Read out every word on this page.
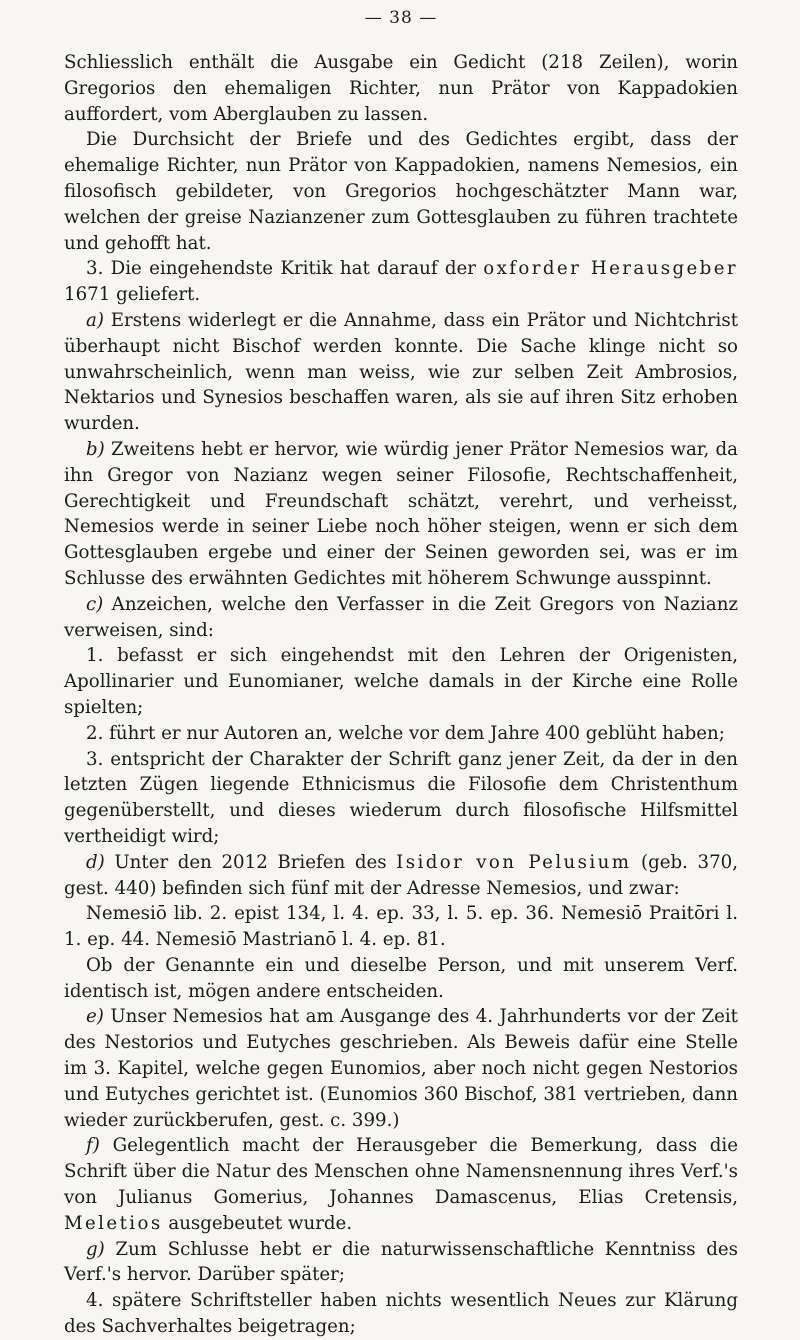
— 38 —

Schliesslich enthält die Ausgabe ein Gedicht (218 Zeilen), worin Gregorios den ehemaligen Richter, nun Prätor von Kappadokien auffordert, vom Aberglauben zu lassen.

Die Durchsicht der Briefe und des Gedichtes ergibt, dass der ehemalige Richter, nun Prätor von Kappadokien, namens Nemesios, ein filosofisch gebildeter, von Gregorios hochgeschätzter Mann war, welchen der greise Nazianzener zum Gottesglauben zu führen trachtete und gehofft hat.

3. Die eingehendste Kritik hat darauf der oxforder Herausgeber 1671 geliefert.

a) Erstens widerlegt er die Annahme, dass ein Prätor und Nichtchrist überhaupt nicht Bischof werden konnte. Die Sache klinge nicht so unwahrscheinlich, wenn man weiss, wie zur selben Zeit Ambrosios, Nektarios und Synesios beschaffen waren, als sie auf ihren Sitz erhoben wurden.

b) Zweitens hebt er hervor, wie würdig jener Prätor Nemesios war, da ihn Gregor von Nazianz wegen seiner Filosofie, Rechtschaffenheit, Gerechtigkeit und Freundschaft schätzt, verehrt, und verheisst, Nemesios werde in seiner Liebe noch höher steigen, wenn er sich dem Gottesglauben ergebe und einer der Seinen geworden sei, was er im Schlusse des erwähnten Gedichtes mit höherem Schwunge ausspinnt.

c) Anzeichen, welche den Verfasser in die Zeit Gregors von Nazianz verweisen, sind:

1. befasst er sich eingehendst mit den Lehren der Origenisten, Apollinarier und Eunomianer, welche damals in der Kirche eine Rolle spielten;

2. führt er nur Autoren an, welche vor dem Jahre 400 geblüht haben;

3. entspricht der Charakter der Schrift ganz jener Zeit, da der in den letzten Zügen liegende Ethnicismus die Filosofie dem Christenthum gegenüberstellt, und dieses wiederum durch filosofische Hilfsmittel vertheidigt wird;

d) Unter den 2012 Briefen des Isidor von Pelusium (geb. 370, gest. 440) befinden sich fünf mit der Adresse Nemesios, und zwar:

Nemesiō lib. 2. epist 134, l. 4. ep. 33, l. 5. ep. 36. Nemesiō Praitōri l. 1. ep. 44. Nemesiō Mastrianō l. 4. ep. 81.

Ob der Genannte ein und dieselbe Person, und mit unserem Verf. identisch ist, mögen andere entscheiden.

e) Unser Nemesios hat am Ausgange des 4. Jahrhunderts vor der Zeit des Nestorios und Eutyches geschrieben. Als Beweis dafür eine Stelle im 3. Kapitel, welche gegen Eunomios, aber noch nicht gegen Nestorios und Eutyches gerichtet ist. (Eunomios 360 Bischof, 381 vertrieben, dann wieder zurückberufen, gest. c. 399.)

f) Gelegentlich macht der Herausgeber die Bemerkung, dass die Schrift über die Natur des Menschen ohne Namensnennung ihres Verf.'s von Julianus Gomerius, Johannes Damascenus, Elias Cretensis, Meletios ausgebeutet wurde.

g) Zum Schlusse hebt er die naturwissenschaftliche Kenntniss des Verf.'s hervor. Darüber später;

4. spätere Schriftsteller haben nichts wesentlich Neues zur Klärung des Sachverhaltes beigetragen;
